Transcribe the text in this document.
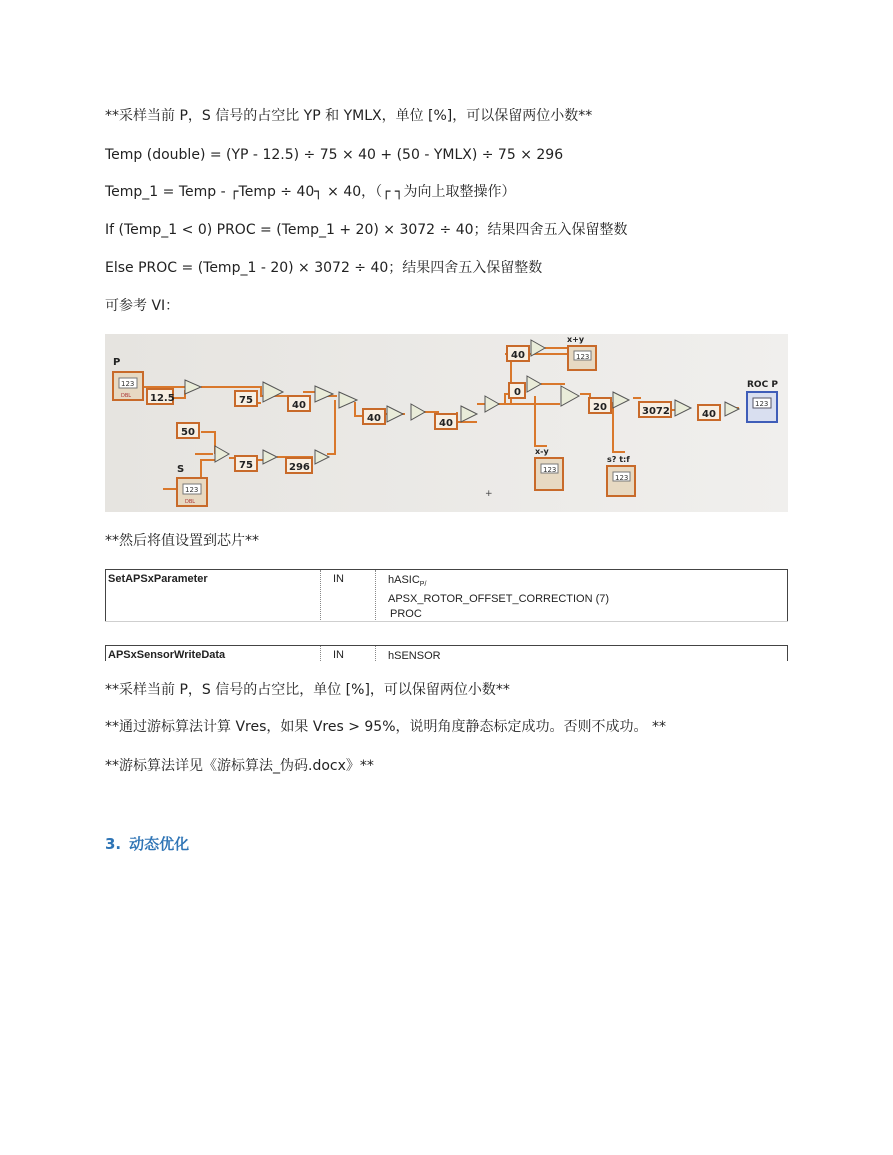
**采样当前 P，S 信号的占空比 YP 和 YMLX，单位 [%]，可以保留两位小数**
Temp (double) = (YP - 12.5) ÷ 75 × 40 + (50 - YMLX) ÷ 75 × 296
Temp_1 = Temp - ┌Temp ÷ 40┐ × 40，（┌ ┐为向上取整操作）
If (Temp_1 < 0) PROC = (Temp_1 + 20) × 3072 ÷ 40；结果四舍五入保留整数
Else PROC = (Temp_1 - 20) × 3072 ÷ 40；结果四舍五入保留整数
可参考 VI：
P
123
DBL
S
123
DBL
12.5
50
75
75
40
296
40	40
40
0
20	3072	40
x+y
123
x-y
123
s? t:f
123
ROC P
123
+
**然后将值设置到芯片**
SetAPSxParameter	IN	hASIC$_{P/}$
APSX_ROTOR_OFFSET_CORRECTION (7)
PROC
APSxSensorWriteData	IN	hSENSOR
**采样当前 P，S 信号的占空比，单位 [%]，可以保留两位小数**
**通过游标算法计算 Vres，如果 Vres > 95%，说明角度静态标定成功。否则不成功。 **
**游标算法详见《游标算法_伪码.docx》**
3. 动态优化
